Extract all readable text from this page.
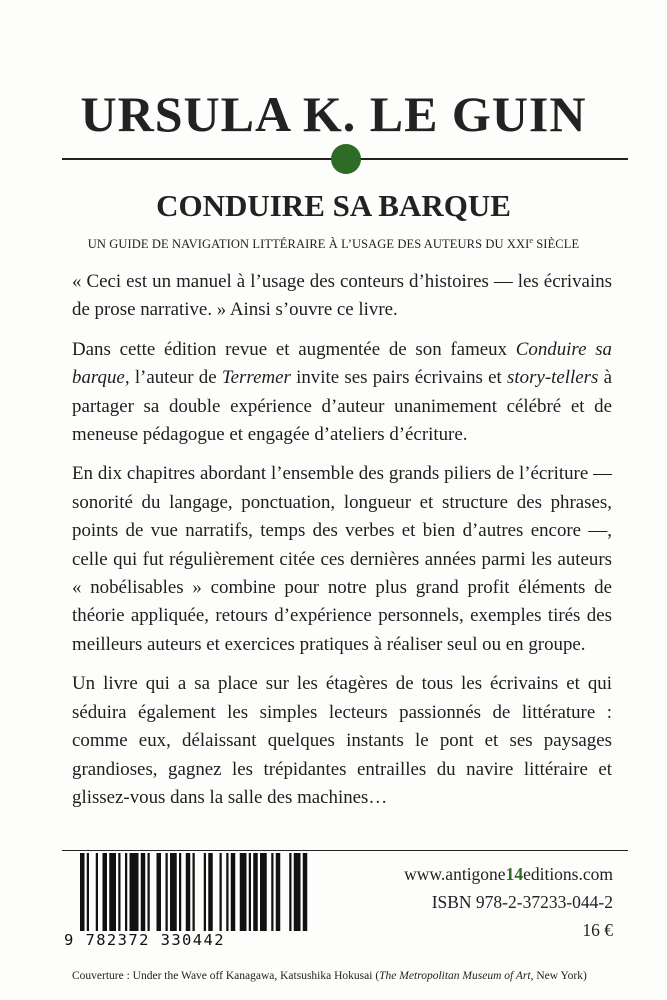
URSULA K. LE GUIN
CONDUIRE SA BARQUE
UN GUIDE DE NAVIGATION LITTÉRAIRE À L’USAGE DES AUTEURS DU XXIe SIÈCLE

« Ceci est un manuel à l’usage des conteurs d’histoires — les écrivains de prose narrative. » Ainsi s’ouvre ce livre.

Dans cette édition revue et augmentée de son fameux Conduire sa barque, l’auteur de Terremer invite ses pairs écrivains et story-tellers à partager sa double expérience d’auteur unanimement célébré et de meneuse pédagogue et engagée d’ateliers d’écriture.

En dix chapitres abordant l’ensemble des grands piliers de l’écriture — sonorité du langage, ponctuation, longueur et structure des phrases, points de vue narratifs, temps des verbes et bien d’autres encore —, celle qui fut régulièrement citée ces dernières années parmi les auteurs « nobélisables » combine pour notre plus grand profit éléments de théorie appliquée, retours d’expérience personnels, exemples tirés des meilleurs auteurs et exercices pratiques à réaliser seul ou en groupe.

Un livre qui a sa place sur les étagères de tous les écrivains et qui séduira également les simples lecteurs passionnés de littérature : comme eux, délaissant quelques instants le pont et ses paysages grandioses, gagnez les trépidantes entrailles du navire littéraire et glissez-vous dans la salle des machines…

9 782372 330442
www.antigone14editions.com
ISBN 978-2-37233-044-2
16 €
Couverture : Under the Wave off Kanagawa, Katsushika Hokusai (The Metropolitan Museum of Art, New York)
